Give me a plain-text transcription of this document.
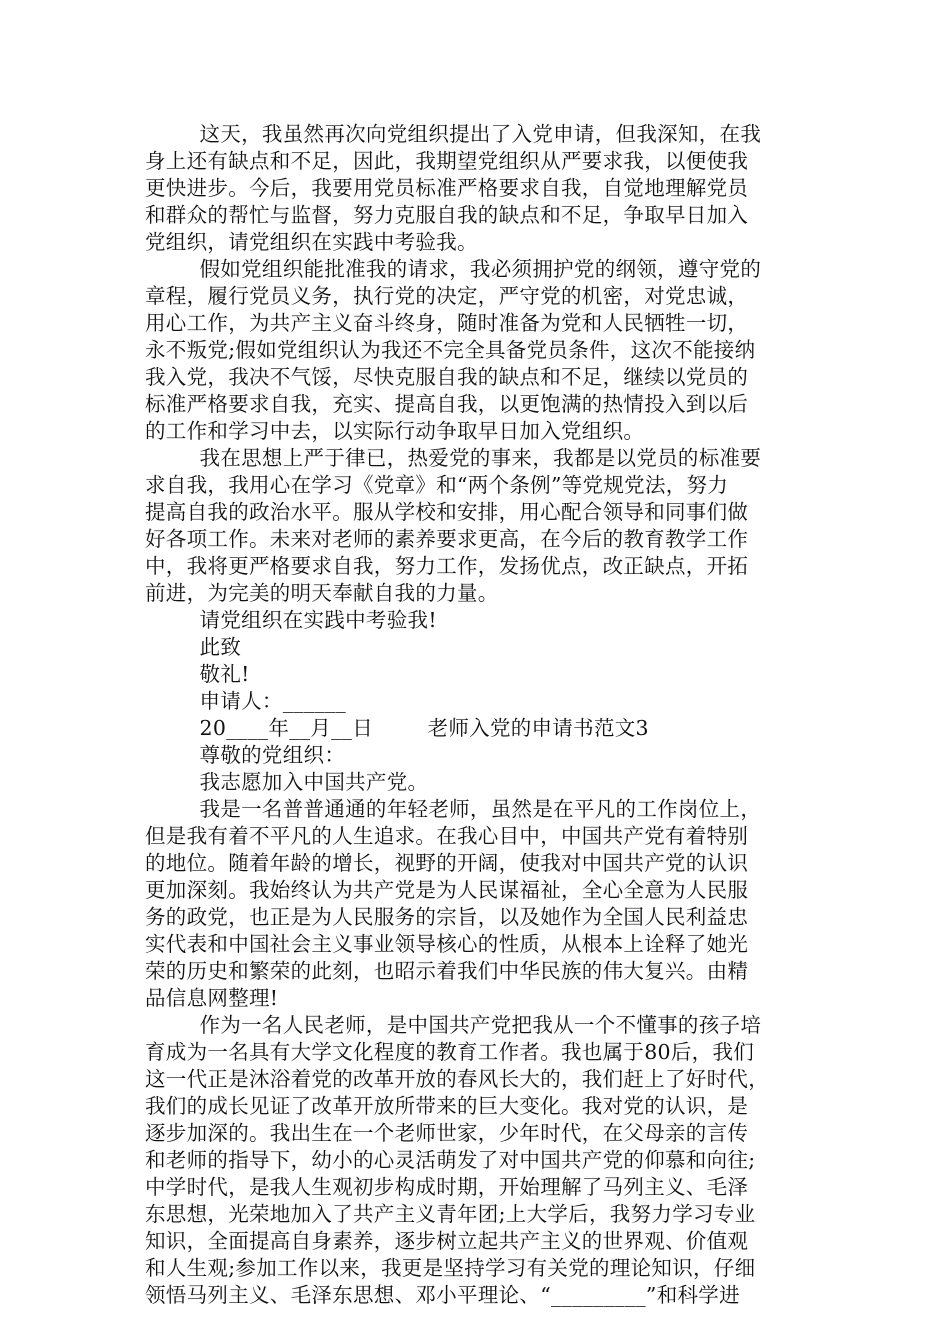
这天，我虽然再次向党组织提出了入党申请，但我深知，在我
身上还有缺点和不足，因此，我期望党组织从严要求我，以便使我
更快进步。今后，我要用党员标准严格要求自我，自觉地理解党员
和群众的帮忙与监督，努力克服自我的缺点和不足，争取早日加入
党组织，请党组织在实践中考验我。
假如党组织能批准我的请求，我必须拥护党的纲领，遵守党的
章程，履行党员义务，执行党的决定，严守党的机密，对党忠诚，
用心工作，为共产主义奋斗终身，随时准备为党和人民牺牲一切，
永不叛党;假如党组织认为我还不完全具备党员条件，这次不能接纳
我入党，我决不气馁，尽快克服自我的缺点和不足，继续以党员的
标准严格要求自我，充实、提高自我，以更饱满的热情投入到以后
的工作和学习中去，以实际行动争取早日加入党组织。
我在思想上严于律已，热爱党的事来，我都是以党员的标准要
求自我，我用心在学习《党章》和“两个条例”等党规党法，努力
提高自我的政治水平。服从学校和安排，用心配合领导和同事们做
好各项工作。未来对老师的素养要求更高，在今后的教育教学工作
中，我将更严格要求自我，努力工作，发扬优点，改正缺点，开拓
前进，为完美的明天奉献自我的力量。
请党组织在实践中考验我!
此致
敬礼!
申请人：______
20____年__月__日        老师入党的申请书范文3
尊敬的党组织：
我志愿加入中国共产党。
我是一名普普通通的年轻老师，虽然是在平凡的工作岗位上，
但是我有着不平凡的人生追求。在我心目中，中国共产党有着特别
的地位。随着年龄的增长，视野的开阔，使我对中国共产党的认识
更加深刻。我始终认为共产党是为人民谋福祉，全心全意为人民服
务的政党，也正是为人民服务的宗旨，以及她作为全国人民利益忠
实代表和中国社会主义事业领导核心的性质，从根本上诠释了她光
荣的历史和繁荣的此刻，也昭示着我们中华民族的伟大复兴。由精
品信息网整理!
作为一名人民老师，是中国共产党把我从一个不懂事的孩子培
育成为一名具有大学文化程度的教育工作者。我也属于80后，我们
这一代正是沐浴着党的改革开放的春风长大的，我们赶上了好时代，
我们的成长见证了改革开放所带来的巨大变化。我对党的认识，是
逐步加深的。我出生在一个老师世家，少年时代，在父母亲的言传
和老师的指导下，幼小的心灵活萌发了对中国共产党的仰慕和向往;
中学时代，是我人生观初步构成时期，开始理解了马列主义、毛泽
东思想，光荣地加入了共产主义青年团;上大学后，我努力学习专业
知识，全面提高自身素养，逐步树立起共产主义的世界观、价值观
和人生观;参加工作以来，我更是坚持学习有关党的理论知识，仔细
领悟马列主义、毛泽东思想、邓小平理论、“_________”和科学进
